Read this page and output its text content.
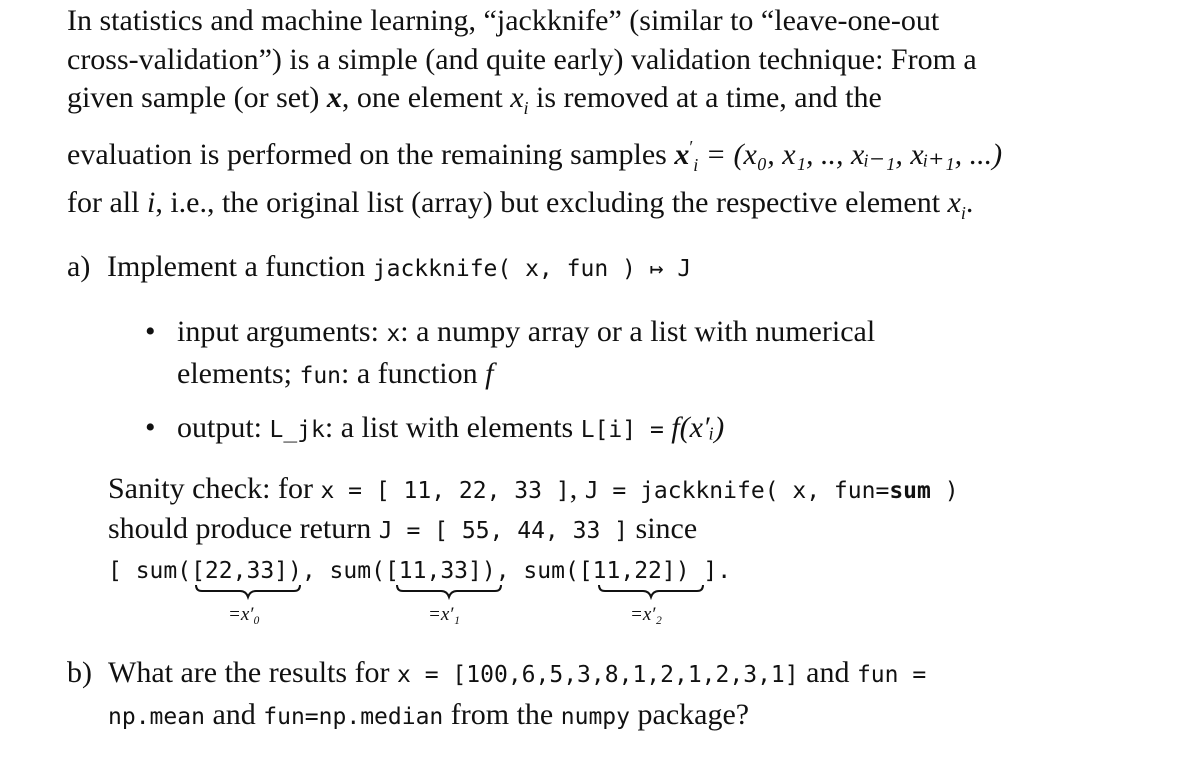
In statistics and machine learning, “jackknife” (similar to “leave-one-out
cross-validation”) is a simple (and quite early) validation technique: From a
given sample (or set) x, one element $x_i$ is removed at a time, and the
evaluation is performed on the remaining samples $x'_i = (x_0$, x₁, .., xᵢ₋₁, xᵢ₊₁, ...)
for all i, i.e., the original list (array) but excluding the respective element $x_i$.
a) Implement a function jackknife( x, fun ) ↦ J
• input arguments: x: a numpy array or a list with numerical
elements; fun: a function f
• output: L_jk: a list with elements L[i] = f(x′ᵢ)
Sanity check: for x = [ 11, 22, 33 ], J = jackknife( x, fun=sum )
should produce return J = [ 55, 44, 33 ] since
[ sum([22,33]), sum([11,33]), sum([11,22]) ].
=x′₀	=x′₁	=x′₂
b) What are the results for x = [100,6,5,3,8,1,2,1,2,3,1] and fun =
np.mean and fun=np.median from the numpy package?
